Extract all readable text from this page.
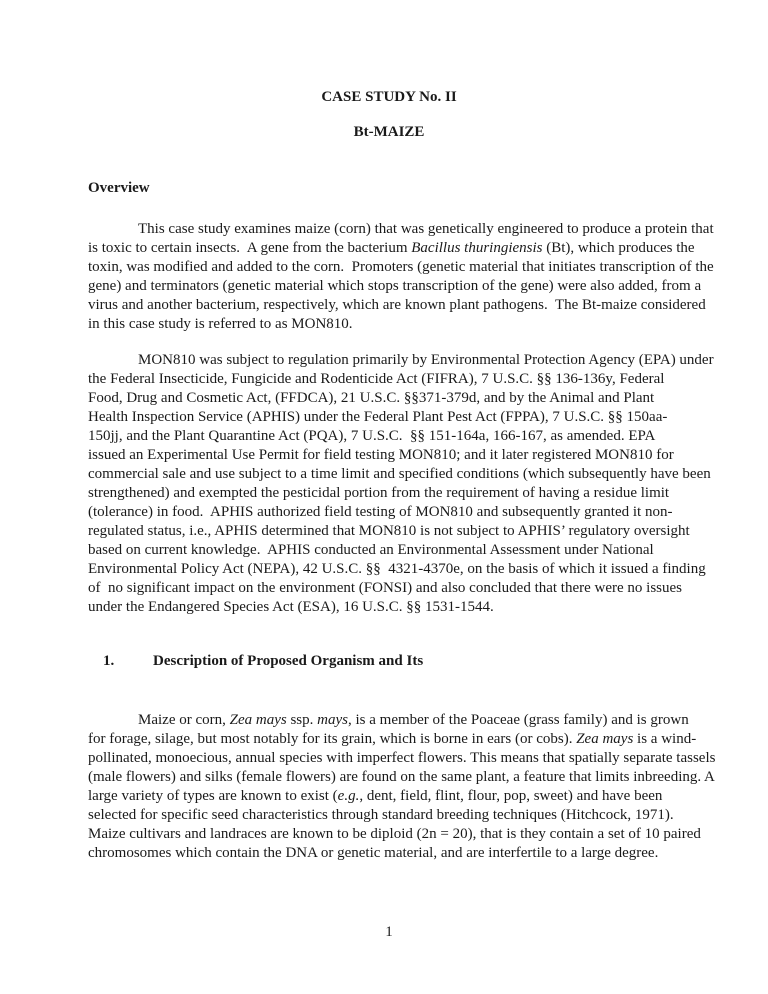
CASE STUDY No. II
Bt-MAIZE
Overview
This case study examines maize (corn) that was genetically engineered to produce a protein that
is toxic to certain insects.  A gene from the bacterium Bacillus thuringiensis (Bt), which produces the
toxin, was modified and added to the corn.  Promoters (genetic material that initiates transcription of the
gene) and terminators (genetic material which stops transcription of the gene) were also added, from a
virus and another bacterium, respectively, which are known plant pathogens.  The Bt-maize considered
in this case study is referred to as MON810.
MON810 was subject to regulation primarily by Environmental Protection Agency (EPA) under
the Federal Insecticide, Fungicide and Rodenticide Act (FIFRA), 7 U.S.C. §§ 136-136y, Federal
Food, Drug and Cosmetic Act, (FFDCA), 21 U.S.C. §§371-379d, and by the Animal and Plant
Health Inspection Service (APHIS) under the Federal Plant Pest Act (FPPA), 7 U.S.C. §§ 150aa-
150jj, and the Plant Quarantine Act (PQA), 7 U.S.C.  §§ 151-164a, 166-167, as amended. EPA
issued an Experimental Use Permit for field testing MON810; and it later registered MON810 for
commercial sale and use subject to a time limit and specified conditions (which subsequently have been
strengthened) and exempted the pesticidal portion from the requirement of having a residue limit
(tolerance) in food.  APHIS authorized field testing of MON810 and subsequently granted it non-
regulated status, i.e., APHIS determined that MON810 is not subject to APHIS’ regulatory oversight
based on current knowledge.  APHIS conducted an Environmental Assessment under National
Environmental Policy Act (NEPA), 42 U.S.C. §§  4321-4370e, on the basis of which it issued a finding
of  no significant impact on the environment (FONSI) and also concluded that there were no issues
under the Endangered Species Act (ESA), 16 U.S.C. §§ 1531-1544.

1.	Description of Proposed Organism and Its

Maize or corn, Zea mays ssp. mays, is a member of the Poaceae (grass family) and is grown
for forage, silage, but most notably for its grain, which is borne in ears (or cobs). Zea mays is a wind-
pollinated, monoecious, annual species with imperfect flowers. This means that spatially separate tassels
(male flowers) and silks (female flowers) are found on the same plant, a feature that limits inbreeding. A
large variety of types are known to exist (e.g., dent, field, flint, flour, pop, sweet) and have been
selected for specific seed characteristics through standard breeding techniques (Hitchcock, 1971).
Maize cultivars and landraces are known to be diploid (2n = 20), that is they contain a set of 10 paired
chromosomes which contain the DNA or genetic material, and are interfertile to a large degree.
1
